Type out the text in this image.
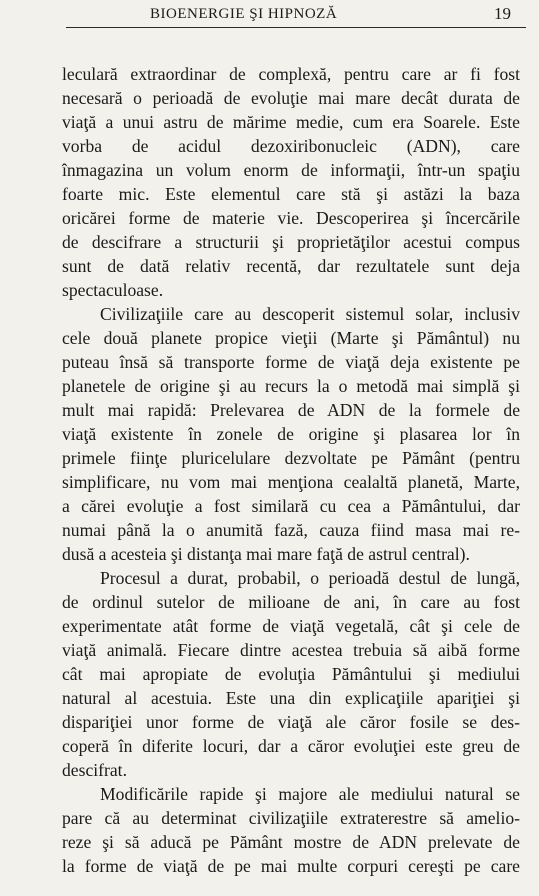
BIOENERGIE ŞI HIPNOZĂ	19
leculară extraordinar de complexă, pentru care ar fi fost
necesară o perioadă de evoluţie mai mare decât durata de
viaţă a unui astru de mărime medie, cum era Soarele. Este
vorba de acidul dezoxiribonucleic (ADN), care
înmagazina un volum enorm de informaţii, într-un spaţiu
foarte mic. Este elementul care stă şi astăzi la baza
oricărei forme de materie vie. Descoperirea şi încercările
de descifrare a structurii şi proprietăţilor acestui compus
sunt de dată relativ recentă, dar rezultatele sunt deja
spectaculoase.
Civilizaţiile care au descoperit sistemul solar, inclusiv
cele două planete propice vieţii (Marte şi Pământul) nu
puteau însă să transporte forme de viaţă deja existente pe
planetele de origine şi au recurs la o metodă mai simplă şi
mult mai rapidă: Prelevarea de ADN de la formele de
viaţă existente în zonele de origine şi plasarea lor în
primele fiinţe pluricelulare dezvoltate pe Pământ (pentru
simplificare, nu vom mai menţiona cealaltă planetă, Marte,
a cărei evoluţie a fost similară cu cea a Pământului, dar
numai până la o anumită fază, cauza fiind masa mai re-
dusă a acesteia şi distanţa mai mare faţă de astrul central).
Procesul a durat, probabil, o perioadă destul de lungă,
de ordinul sutelor de milioane de ani, în care au fost
experimentate atât forme de viaţă vegetală, cât şi cele de
viaţă animală. Fiecare dintre acestea trebuia să aibă forme
cât mai apropiate de evoluţia Pământului şi mediului
natural al acestuia. Este una din explicaţiile apariţiei şi
dispariţiei unor forme de viaţă ale căror fosile se des-
coperă în diferite locuri, dar a căror evoluţiei este greu de
descifrat.
Modificările rapide şi majore ale mediului natural se
pare că au determinat civilizaţiile extraterestre să amelio-
reze şi să aducă pe Pământ mostre de ADN prelevate de
la forme de viaţă de pe mai multe corpuri cereşti pe care
